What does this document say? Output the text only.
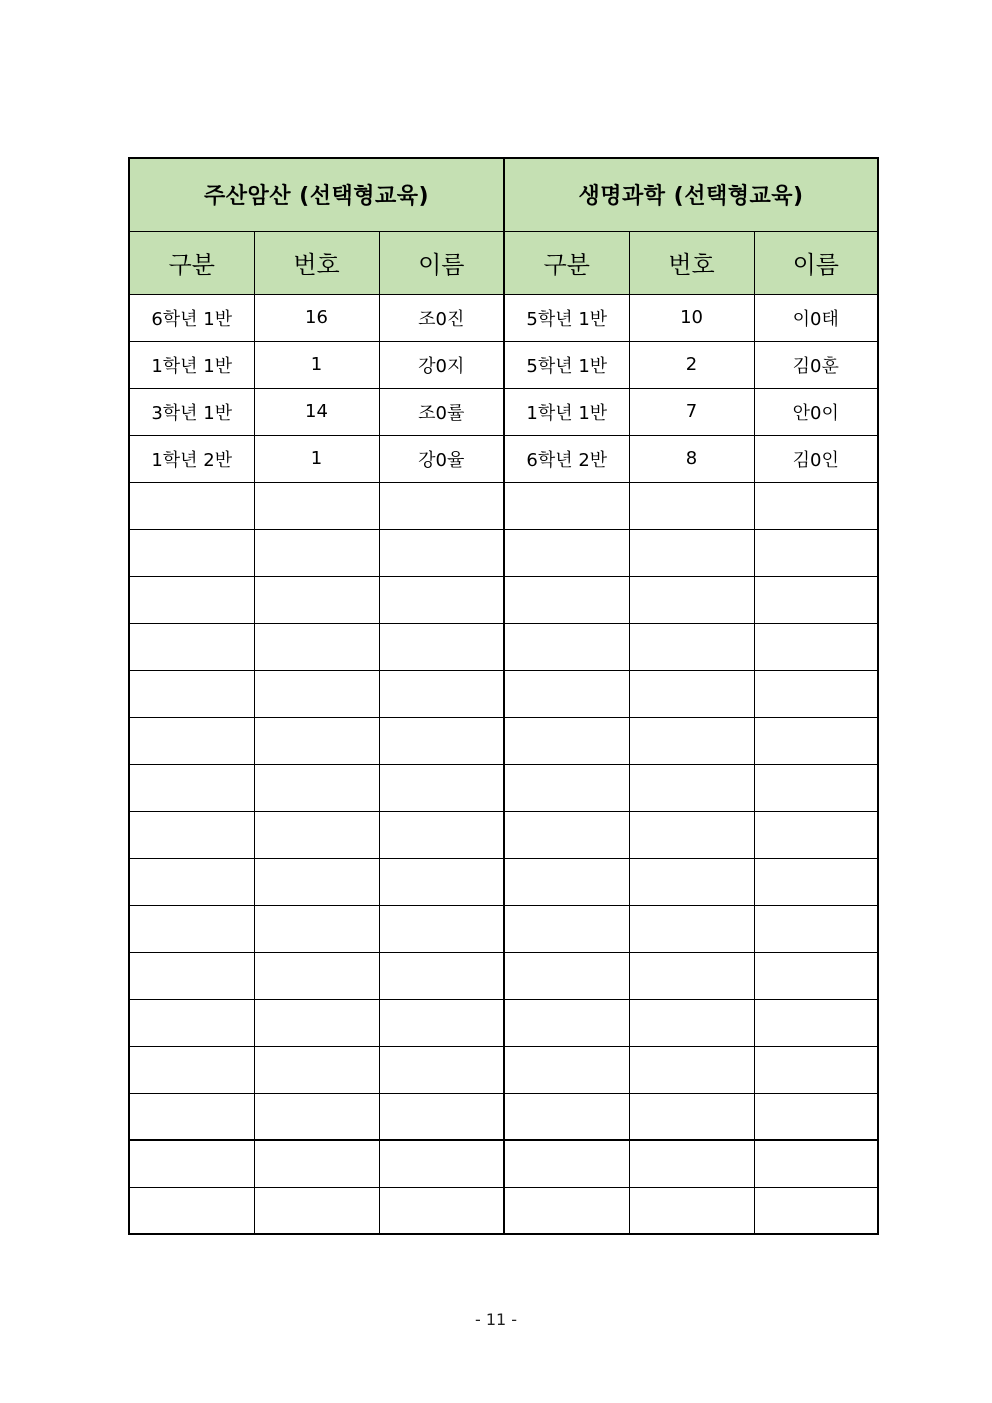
주산암산 (선택형교육)			생명과학 (선택형교육)		
구분	번호	이름	구분	번호	이름
6학년 1반	16	조0진	5학년 1반	10	이0태
1학년 1반	1	강0지	5학년 1반	2	김0훈
3학년 1반	14	조0률	1학년 1반	7	안0이
1학년 2반	1	강0율	6학년 2반	8	김0인

- 11 -
